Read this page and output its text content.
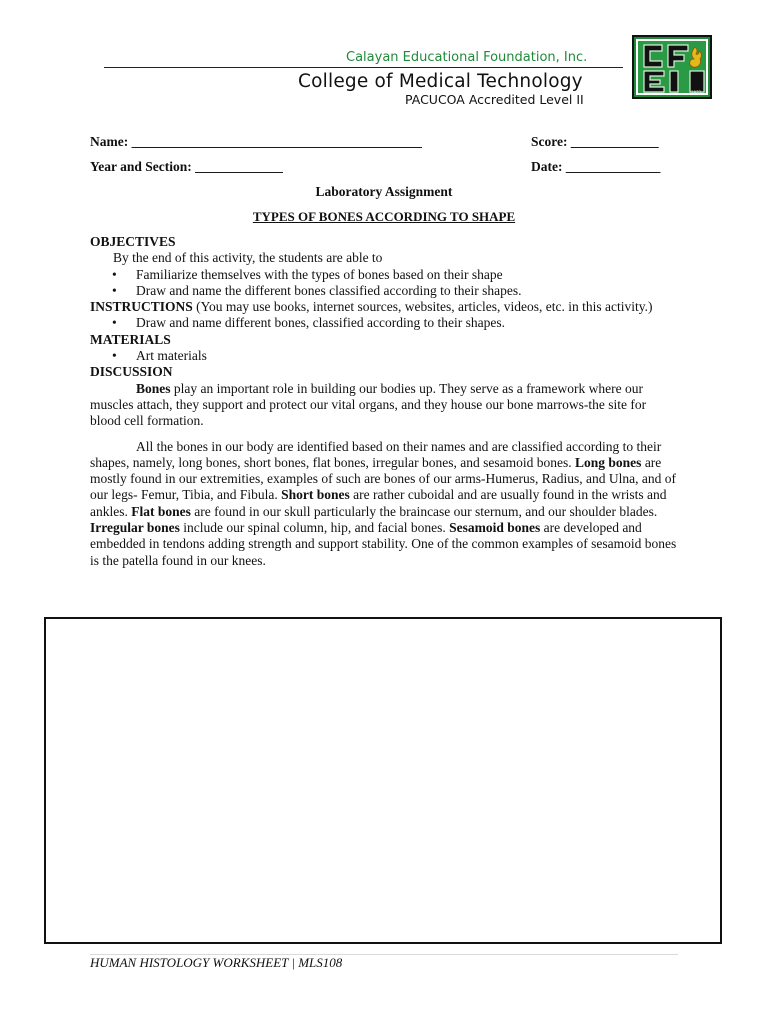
Calayan Educational Foundation, Inc.
College of Medical Technology
PACUCOA Accredited Level II	1973
Name: ___________________________________________	Score: _____________
Year and Section: _____________	Date: ______________
Laboratory Assignment
TYPES OF BONES ACCORDING TO SHAPE
OBJECTIVES
By the end of this activity, the students are able to
• Familiarize themselves with the types of bones based on their shape
• Draw and name the different bones classified according to their shapes.
INSTRUCTIONS (You may use books, internet sources, websites, articles, videos, etc. in this activity.)
• Draw and name different bones, classified according to their shapes.
MATERIALS
• Art materials
DISCUSSION

Bones play an important role in building our bodies up. They serve as a framework where our muscles attach, they support and protect our vital organs, and they house our bone marrows-the site for blood cell formation.

All the bones in our body are identified based on their names and are classified according to their shapes, namely, long bones, short bones, flat bones, irregular bones, and sesamoid bones. Long bones are mostly found in our extremities, examples of such are bones of our arms-Humerus, Radius, and Ulna, and of our legs- Femur, Tibia, and Fibula. Short bones are rather cuboidal and are usually found in the wrists and ankles. Flat bones are found in our skull particularly the braincase our sternum, and our shoulder blades. Irregular bones include our spinal column, hip, and facial bones. Sesamoid bones are developed and embedded in tendons adding strength and support stability. One of the common examples of sesamoid bones is the patella found in our knees.

HUMAN HISTOLOGY WORKSHEET | MLS108
